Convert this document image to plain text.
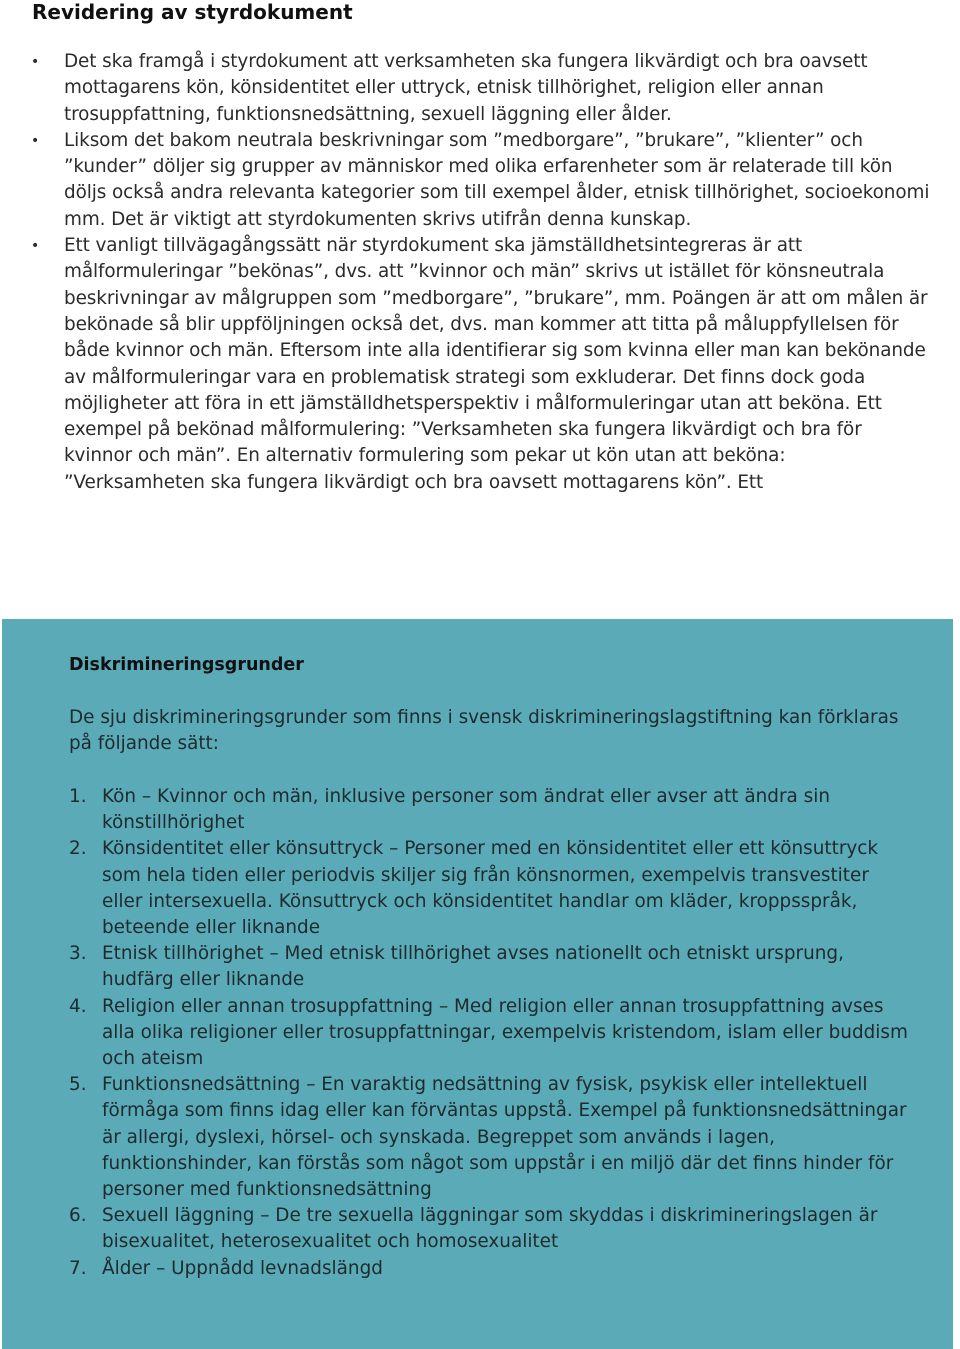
Revidering av styrdokument
• Det ska framgå i styrdokument att verksamheten ska fungera likvärdigt och bra oavsett mottagarens kön, könsidentitet eller uttryck, etnisk tillhörighet, religion eller annan trosuppfattning, funktionsnedsättning, sexuell läggning eller ålder.
• Liksom det bakom neutrala beskrivningar som ”medborgare”, ”brukare”, ”klienter” och ”kunder” döljer sig grupper av människor med olika erfarenheter som är relaterade till kön döljs också andra relevanta kategorier som till exempel ålder, etnisk tillhörighet, socioekonomi mm. Det är viktigt att styrdokumenten skrivs utifrån denna kunskap.
• Ett vanligt tillvägagångssätt när styrdokument ska jämställdhetsintegreras är att målformuleringar ”bekönas”, dvs. att ”kvinnor och män” skrivs ut istället för könsneutrala beskrivningar av målgruppen som ”medborgare”, ”brukare”, mm. Poängen är att om målen är bekönade så blir uppföljningen också det, dvs. man kommer att titta på måluppfyllelsen för både kvinnor och män. Eftersom inte alla identifierar sig som kvinna eller man kan bekönande av målformuleringar vara en problematisk strategi som exkluderar. Det finns dock goda möjligheter att föra in ett jämställdhetsperspektiv i målformuleringar utan att beköna. Ett exempel på bekönad målformulering: ”Verksamheten ska fungera likvärdigt och bra för kvinnor och män”. En alternativ formulering som pekar ut kön utan att beköna: ”Verksamheten ska fungera likvärdigt och bra oavsett mottagarens kön”. Ett
Diskrimineringsgrunder

De sju diskrimineringsgrunder som finns i svensk diskrimineringslagstiftning kan förklaras på följande sätt:

1. Kön – Kvinnor och män, inklusive personer som ändrat eller avser att ändra sin könstillhörighet
2. Könsidentitet eller könsuttryck – Personer med en könsidentitet eller ett könsuttryck som hela tiden eller periodvis skiljer sig från könsnormen, exempelvis transvestiter eller intersexuella. Könsuttryck och könsidentitet handlar om kläder, kroppsspråk, beteende eller liknande
3. Etnisk tillhörighet – Med etnisk tillhörighet avses nationellt och etniskt ursprung, hudfärg eller liknande
4. Religion eller annan trosuppfattning – Med religion eller annan trosuppfattning avses alla olika religioner eller trosuppfattningar, exempelvis kristendom, islam eller buddism och ateism
5. Funktionsnedsättning – En varaktig nedsättning av fysisk, psykisk eller intellektuell förmåga som finns idag eller kan förväntas uppstå. Exempel på funktionsnedsättningar är allergi, dyslexi, hörsel- och synskada. Begreppet som används i lagen, funktionshinder, kan förstås som något som uppstår i en miljö där det finns hinder för personer med funktionsnedsättning
6. Sexuell läggning – De tre sexuella läggningar som skyddas i diskrimineringslagen är bisexualitet, heterosexualitet och homosexualitet
7. Ålder – Uppnådd levnadslängd
